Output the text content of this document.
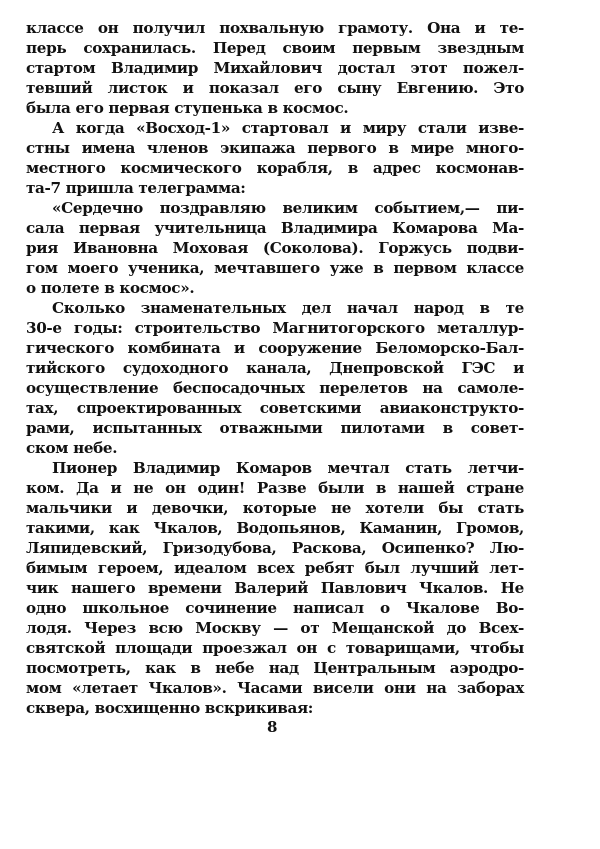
классе он получил похвальную грамоту. Она и те-
перь сохранилась. Перед своим первым звездным
стартом Владимир Михайлович достал этот пожел-
тевший листок и показал его сыну Евгению. Это
была его первая ступенька в космос.
А когда «Восход-1» стартовал и миру стали изве-
стны имена членов экипажа первого в мире много-
местного космического корабля, в адрес космонав-
та-7 пришла телеграмма:
«Сердечно поздравляю великим событием,— пи-
сала первая учительница Владимира Комарова Ма-
рия Ивановна Моховая (Соколова). Горжусь подви-
гом моего ученика, мечтавшего уже в первом классе
о полете в космос».
Сколько знаменательных дел начал народ в те
30-е годы: строительство Магнитогорского металлур-
гического комбината и сооружение Беломорско-Бал-
тийского судоходного канала, Днепровской ГЭС и
осуществление беспосадочных перелетов на самоле-
тах, спроектированных советскими авиаконструкто-
рами, испытанных отважными пилотами в совет-
ском небе.
Пионер Владимир Комаров мечтал стать летчи-
ком. Да и не он один! Разве были в нашей стране
мальчики и девочки, которые не хотели бы стать
такими, как Чкалов, Водопьянов, Каманин, Громов,
Ляпидевский, Гризодубова, Раскова, Осипенко? Лю-
бимым героем, идеалом всех ребят был лучший лет-
чик нашего времени Валерий Павлович Чкалов. Не
одно школьное сочинение написал о Чкалове Во-
лодя. Через всю Москву — от Мещанской до Всех-
святской площади проезжал он с товарищами, чтобы
посмотреть, как в небе над Центральным аэродро-
мом «летает Чкалов». Часами висели они на заборах
сквера, восхищенно вскрикивая:
8
